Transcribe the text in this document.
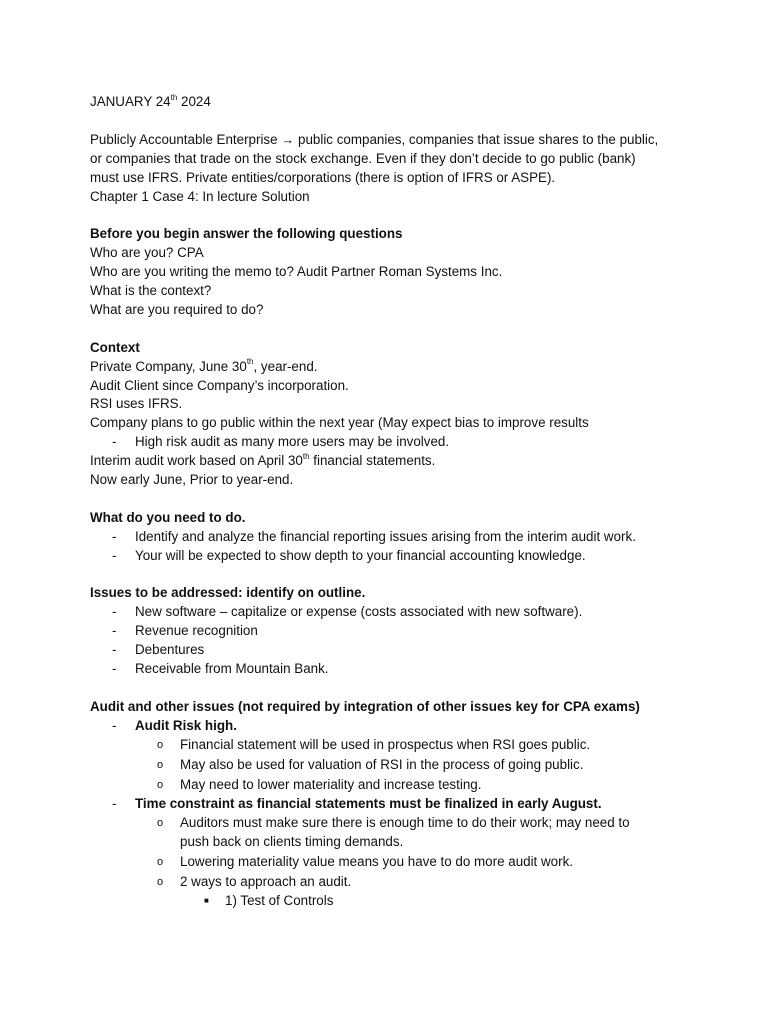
JANUARY 24th 2024
Publicly Accountable Enterprise → public companies, companies that issue shares to the public,
or companies that trade on the stock exchange. Even if they don’t decide to go public (bank)
must use IFRS. Private entities/corporations (there is option of IFRS or ASPE).
Chapter 1 Case 4: In lecture Solution
Before you begin answer the following questions
Who are you? CPA
Who are you writing the memo to? Audit Partner Roman Systems Inc.
What is the context?
What are you required to do?
Context
Private Company, June 30th, year-end.
Audit Client since Company’s incorporation.
RSI uses IFRS.
Company plans to go public within the next year (May expect bias to improve results
- High risk audit as many more users may be involved.
Interim audit work based on April 30th financial statements.
Now early June, Prior to year-end.
What do you need to do.
- Identify and analyze the financial reporting issues arising from the interim audit work.
- Your will be expected to show depth to your financial accounting knowledge.
Issues to be addressed: identify on outline.
- New software – capitalize or expense (costs associated with new software).
- Revenue recognition
- Debentures
- Receivable from Mountain Bank.
Audit and other issues (not required by integration of other issues key for CPA exams)
- Audit Risk high.
o Financial statement will be used in prospectus when RSI goes public.
o May also be used for valuation of RSI in the process of going public.
o May need to lower materiality and increase testing.
- Time constraint as financial statements must be finalized in early August.
o Auditors must make sure there is enough time to do their work; may need to
push back on clients timing demands.
o Lowering materiality value means you have to do more audit work.
o 2 ways to approach an audit.
■ 1) Test of Controls
